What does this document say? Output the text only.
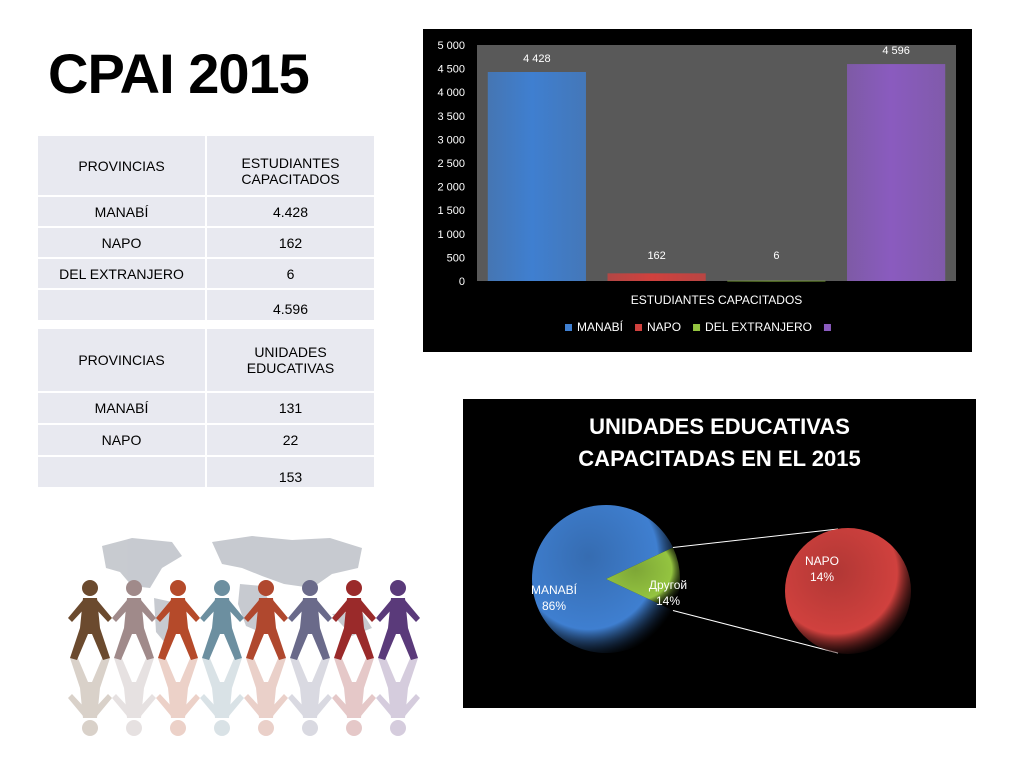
CPAI 2015
PROVINCIAS	ESTUDIANTES CAPACITADOS
MANABÍ	4.428
NAPO	162
DEL EXTRANJERO	6
	4.596
PROVINCIAS	UNIDADES EDUCATIVAS
MANABÍ	131
NAPO	22
	153
0
500
1 000
1 500
2 000
2 500
3 000
3 500
4 000
4 500
5 000
4 428
162	6
4 596
ESTUDIANTES CAPACITADOS
MANABÍ NAPO DEL EXTRANJERO
UNIDADES EDUCATIVAS
CAPACITADAS EN EL 2015
MANABÍ
86%
Другой
14%
NAPO
14%
